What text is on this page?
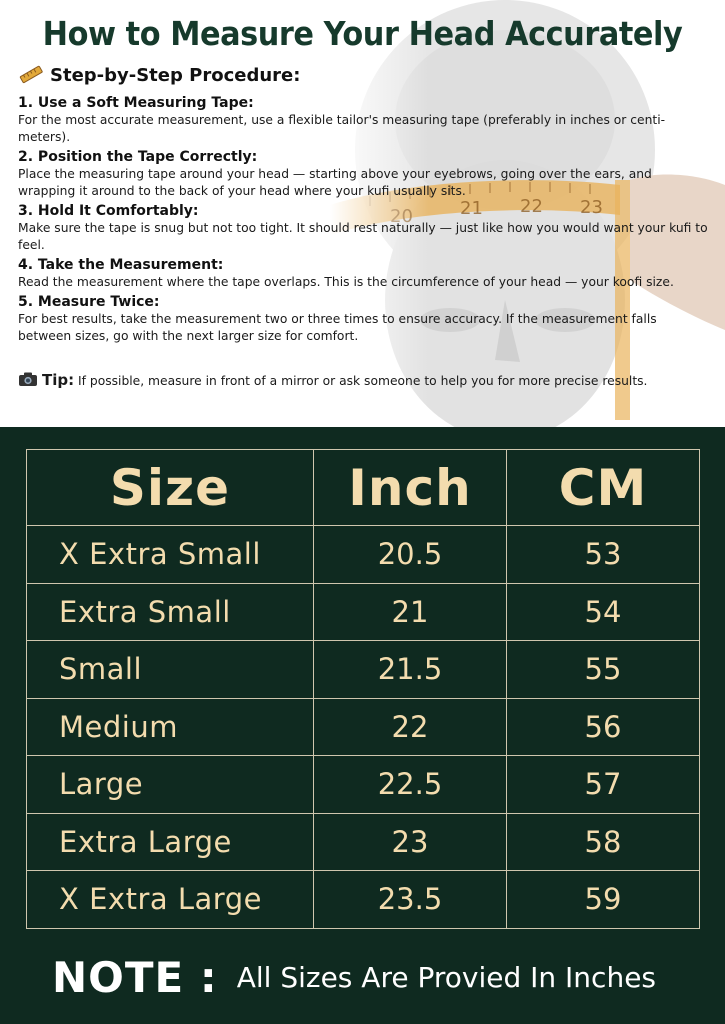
How to Measure Your Head Accurately
Step-by-Step Procedure:
1. Use a Soft Measuring Tape:
For the most accurate measurement, use a flexible tailor's measuring tape (preferably in inches or centi-meters).
2. Position the Tape Correctly:
Place the measuring tape around your head — starting above your eyebrows, going over the ears, and wrapping it around to the back of your head where your kufi usually sits.
3. Hold It Comfortably:
Make sure the tape is snug but not too tight. It should rest naturally — just like how you would want your kufi to feel.
4. Take the Measurement:
Read the measurement where the tape overlaps. This is the circumference of your head — your koofi size.
5. Measure Twice:
For best results, take the measurement two or three times to ensure accuracy. If the measurement falls between sizes, go with the next larger size for comfort.
Tip: If possible, measure in front of a mirror or ask someone to help you for more precise results.
Size	Inch	CM
X Extra Small	20.5	53
Extra Small	21	54
Small	21.5	55
Medium	22	56
Large	22.5	57
Extra Large	23	58
X Extra Large	23.5	59
NOTE : All Sizes Are Provied In Inches
